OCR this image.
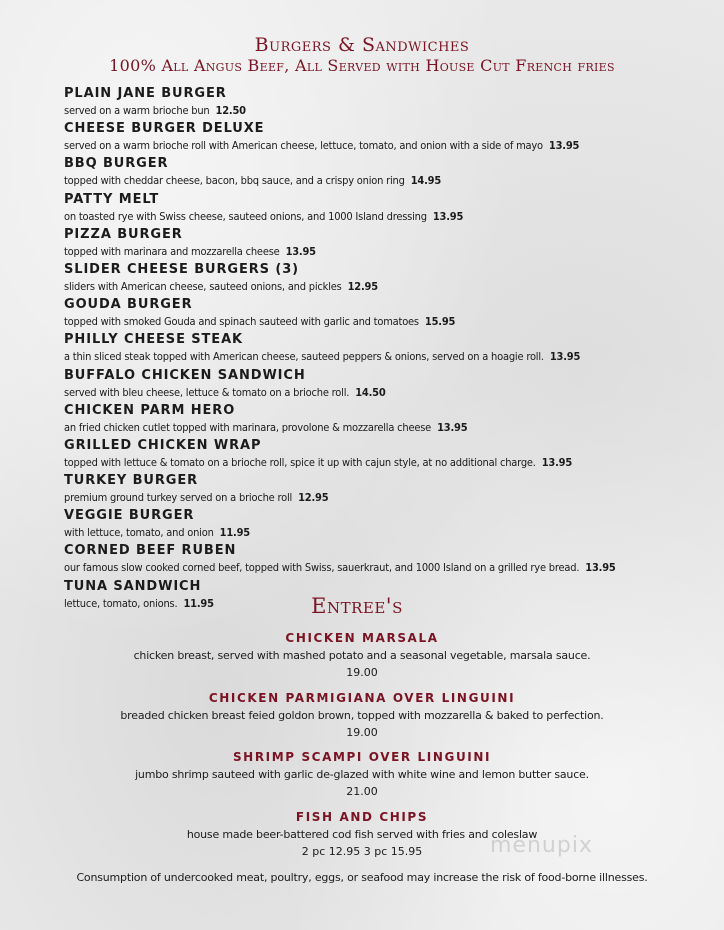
Burgers & Sandwiches
100% All Angus Beef, All Served with House Cut French fries
PLAIN JANE BURGER
served on a warm brioche bun 12.50
CHEESE BURGER DELUXE
served on a warm brioche roll with American cheese, lettuce, tomato, and onion with a side of mayo 13.95
BBQ BURGER
topped with cheddar cheese, bacon, bbq sauce, and a crispy onion ring 14.95
PATTY MELT
on toasted rye with Swiss cheese, sauteed onions, and 1000 Island dressing 13.95
PIZZA BURGER
topped with marinara and mozzarella cheese 13.95
SLIDER CHEESE BURGERS (3)
sliders with American cheese, sauteed onions, and pickles 12.95
GOUDA BURGER
topped with smoked Gouda and spinach sauteed with garlic and tomatoes 15.95
PHILLY CHEESE STEAK
a thin sliced steak topped with American cheese, sauteed peppers & onions, served on a hoagie roll. 13.95
BUFFALO CHICKEN SANDWICH
served with bleu cheese, lettuce & tomato on a brioche roll. 14.50
CHICKEN PARM HERO
an fried chicken cutlet topped with marinara, provolone & mozzarella cheese 13.95
GRILLED CHICKEN WRAP
topped with lettuce & tomato on a brioche roll, spice it up with cajun style, at no additional charge. 13.95
TURKEY BURGER
premium ground turkey served on a brioche roll 12.95
VEGGIE BURGER
with lettuce, tomato, and onion 11.95
CORNED BEEF RUBEN
our famous slow cooked corned beef, topped with Swiss, sauerkraut, and 1000 Island on a grilled rye bread. 13.95
TUNA SANDWICH
lettuce, tomato, onions. 11.95	Entree's
CHICKEN MARSALA
chicken breast, served with mashed potato and a seasonal vegetable, marsala sauce.
19.00
CHICKEN PARMIGIANA OVER LINGUINI
breaded chicken breast feied goldon brown, topped with mozzarella & baked to perfection.
19.00
SHRIMP SCAMPI OVER LINGUINI
jumbo shrimp sauteed with garlic de-glazed with white wine and lemon butter sauce.
21.00
FISH AND CHIPS
house made beer-battered cod fish served with fries and coleslaw
2 pc 12.95 3 pc 15.95
Consumption of undercooked meat, poultry, eggs, or seafood may increase the risk of food-borne illnesses.
menupix
